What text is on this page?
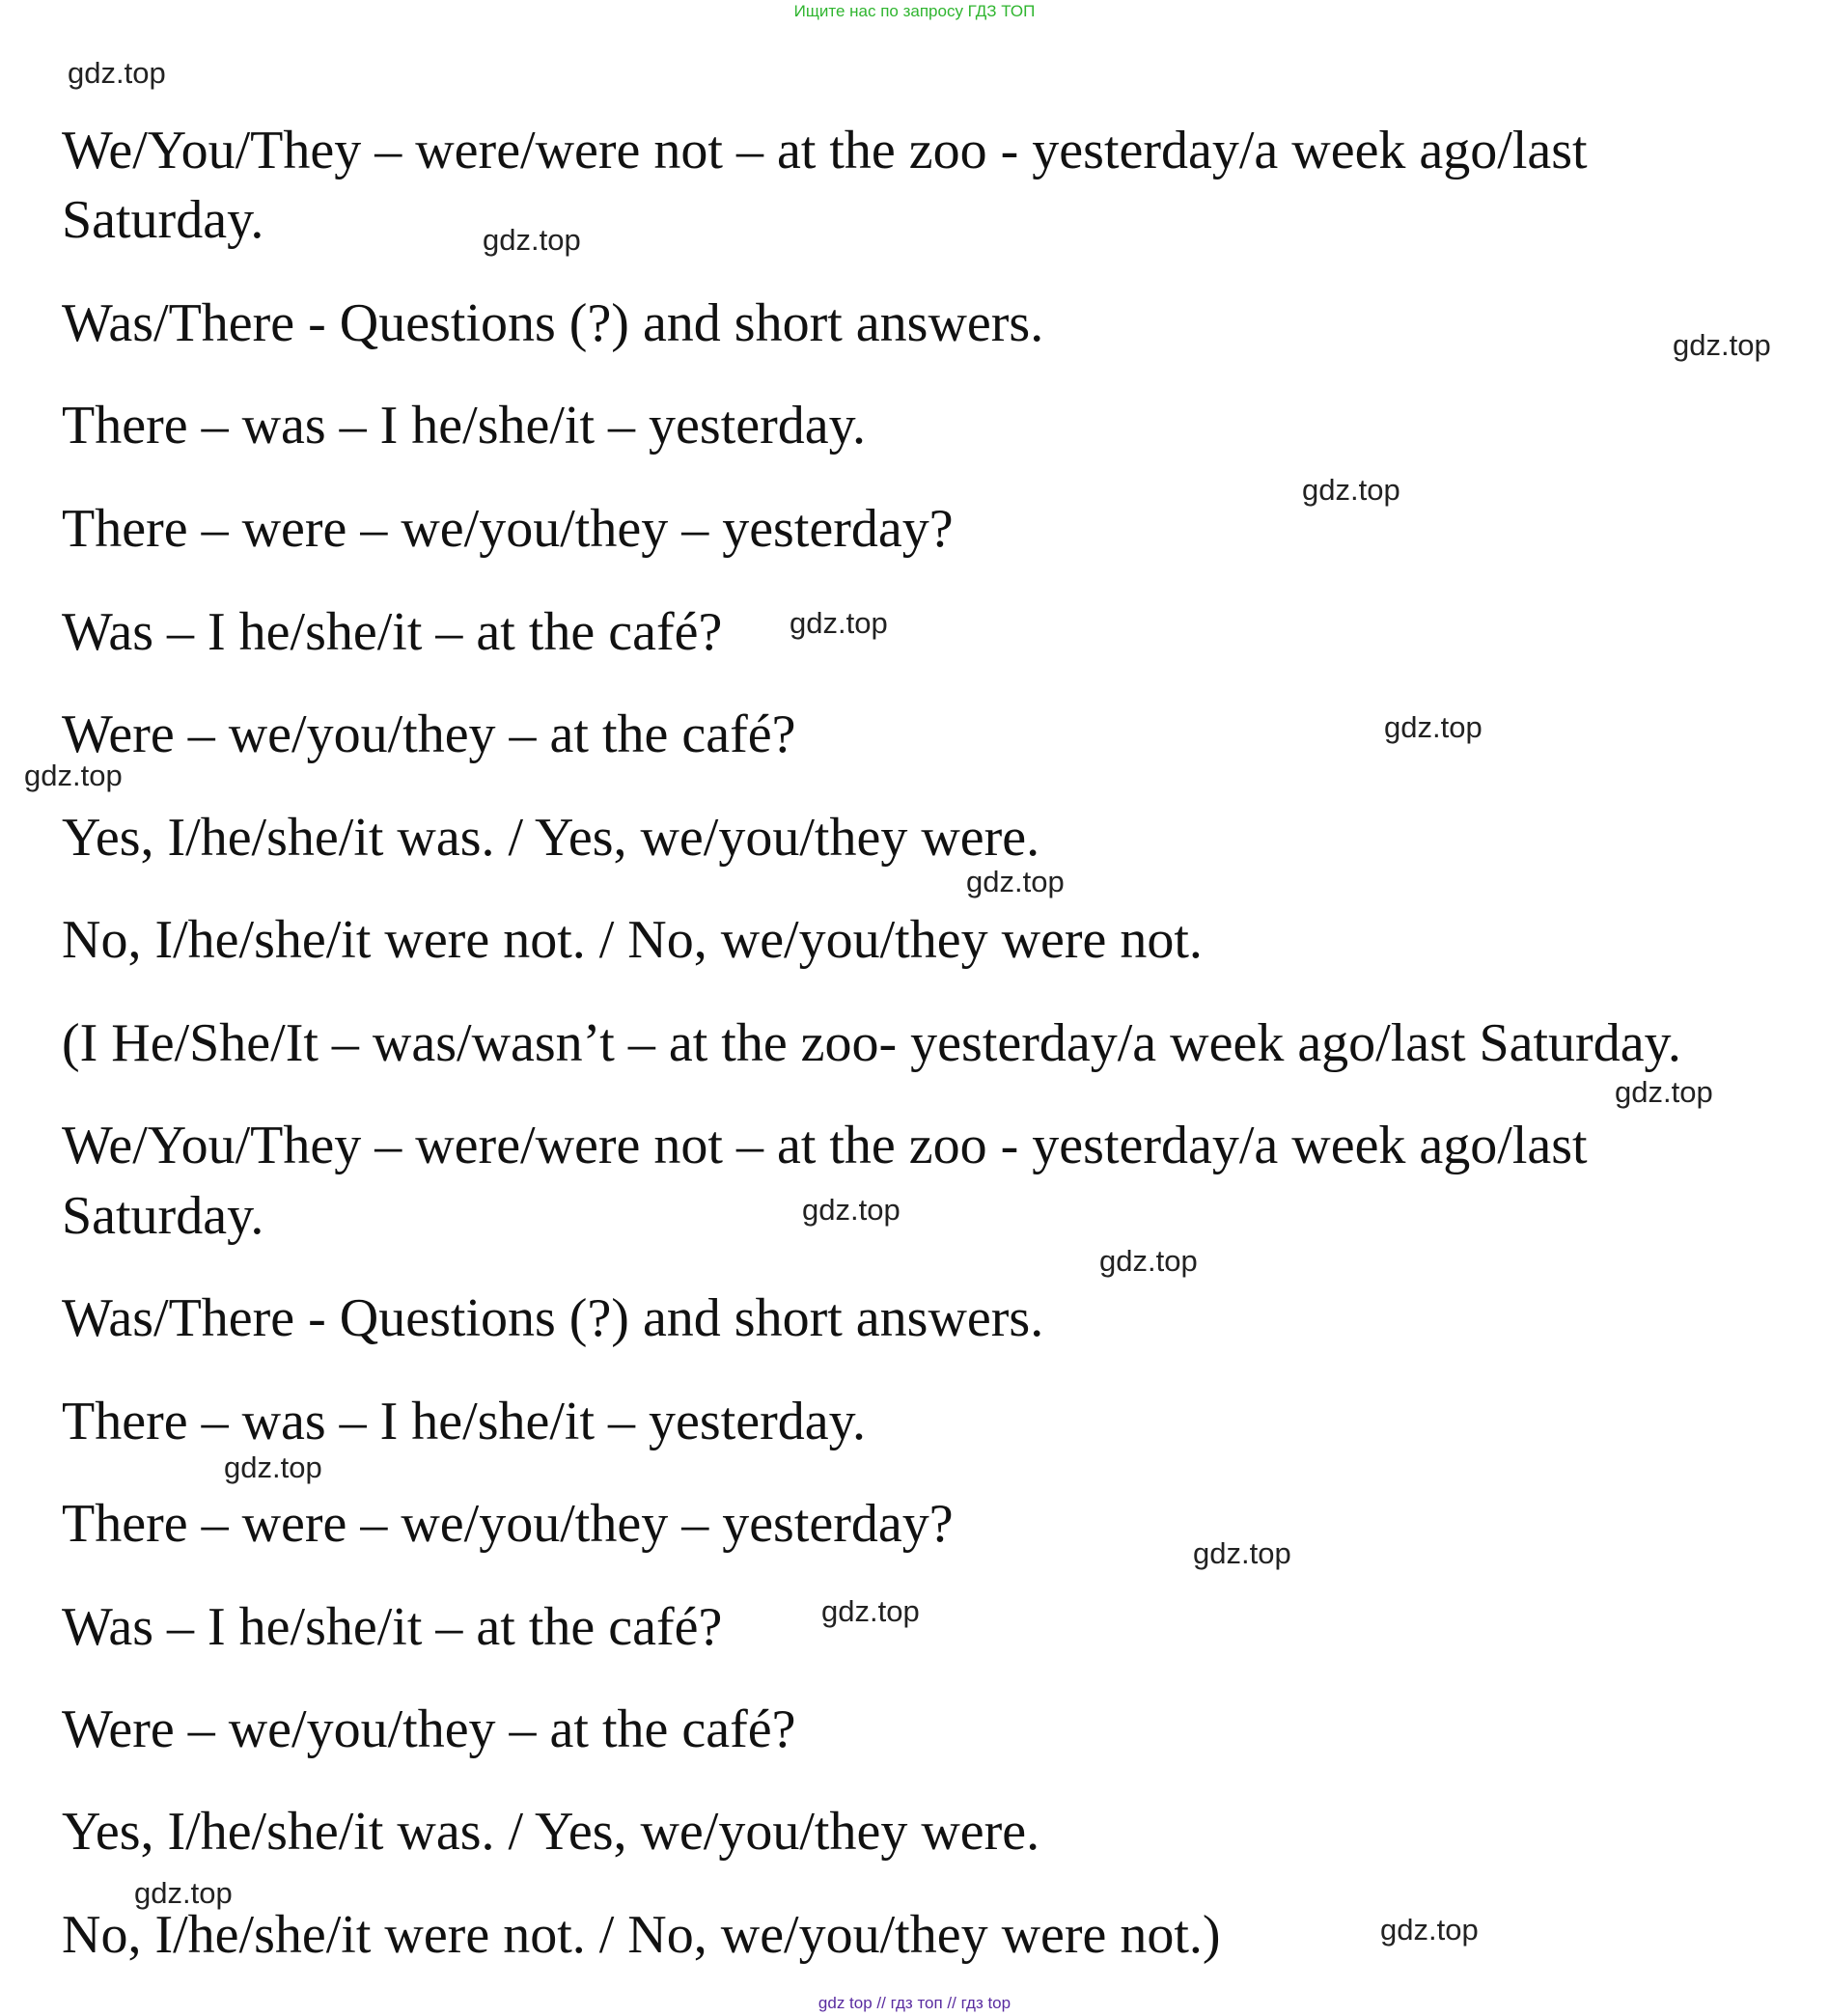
Ищите нас по запросу ГДЗ ТОП
gdz.top
gdz.top
gdz.top
gdz.top
gdz.top
gdz.top
gdz.top
gdz.top
gdz.top
gdz.top
gdz.top
gdz.top
gdz.top
gdz.top
gdz.top
gdz.top
We/You/They – were/were not – at the zoo - yesterday/a week ago/last
Saturday.
Was/There - Questions (?) and short answers.
There – was – I he/she/it – yesterday.
There – were – we/you/they – yesterday?
Was – I he/she/it – at the café?
Were – we/you/they – at the café?
Yes, I/he/she/it was. / Yes, we/you/they were.
No, I/he/she/it were not. / No, we/you/they were not.
(I He/She/It – was/wasn’t – at the zoo- yesterday/a week ago/last Saturday.
We/You/They – were/were not – at the zoo - yesterday/a week ago/last
Saturday.
Was/There - Questions (?) and short answers.
There – was – I he/she/it – yesterday.
There – were – we/you/they – yesterday?
Was – I he/she/it – at the café?
Were – we/you/they – at the café?
Yes, I/he/she/it was. / Yes, we/you/they were.
No, I/he/she/it were not. / No, we/you/they were not.)
gdz top // гдз топ // гдз top
